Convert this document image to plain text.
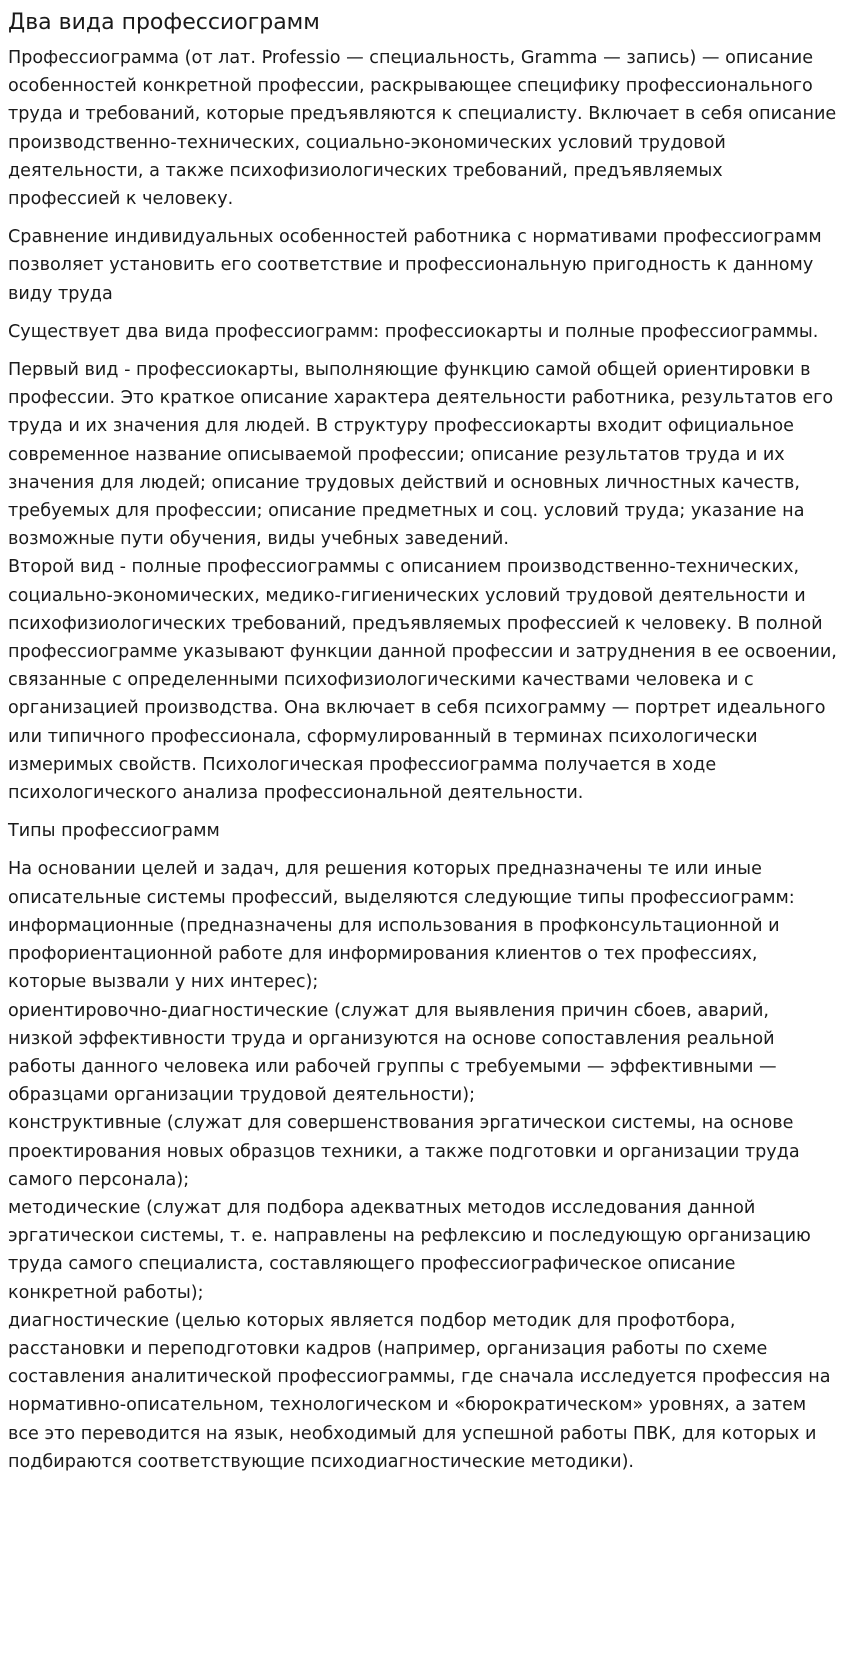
Два вида профессиограмм

Профессиограмма (от лат. Professio — специальность, Gramma — запись) — описание особенностей конкретной профессии, раскрывающее специфику профессионального труда и требований, которые предъявляются к специалисту. Включает в себя описание производственно-технических, социально-экономических условий трудовой деятельности, а также психофизиологических требований, предъявляемых профессией к человеку.

Сравнение индивидуальных особенностей работника с нормативами профессиограмм позволяет установить его соответствие и профессиональную пригодность к данному виду труда

Существует два вида профессиограмм: профессиокарты и полные профессиограммы.

Первый вид - профессиокарты, выполняющие функцию самой общей ориентировки в профессии. Это краткое описание характера деятельности работника, результатов его труда и их значения для людей. В структуру профессиокарты входит официальное современное название описываемой профессии; описание результатов труда и их значения для людей; описание трудовых действий и основных личностных качеств, требуемых для профессии; описание предметных и соц. условий труда; указание на возможные пути обучения, виды учебных заведений.
Второй вид - полные профессиограммы с описанием производственно-технических, социально-экономических, медико-гигиенических условий трудовой деятельности и психофизиологических требований, предъявляемых профессией к человеку. В полной профессиограмме указывают функции данной профессии и затруднения в ее освоении, связанные с определенными психофизиологическими качествами человека и с организацией производства. Она включает в себя психограмму — портрет идеального или типичного профессионала, сформулированный в терминах психологически измеримых свойств. Психологическая профессиограмма получается в ходе психологического анализа профессиональной деятельности.

Типы профессиограмм

На основании целей и задач, для решения которых предназначены те или иные описательные системы профессий, выделяются следующие типы профессиограмм:
информационные (предназначены для использования в профконсультационной и профориентационной работе для информирования клиентов о тех профессиях, которые вызвали у них интерес);
ориентировочно-диагностические (служат для выявления причин сбоев, аварий, низкой эффективности труда и организуются на основе сопоставления реальной работы данного человека или рабочей группы с требуемыми — эффективными — образцами организации трудовой деятельности);
конструктивные (служат для совершенствования эргатическои системы, на основе проектирования новых образцов техники, а также подготовки и организации труда самого персонала);
методические (служат для подбора адекватных методов исследования данной эргатическои системы, т. е. направлены на рефлексию и последующую организацию труда самого специалиста, составляющего профессиографическое описание конкретной работы);
диагностические (целью которых является подбор методик для профотбора, расстановки и переподготовки кадров (например, организация работы по схеме составления аналитической профессиограммы, где сначала исследуется профессия на нормативно-описательном, технологическом и «бюрократическом» уровнях, а затем все это переводится на язык, необходимый для успешной работы ПВК, для которых и подбираются соответствующие психодиагностические методики).
